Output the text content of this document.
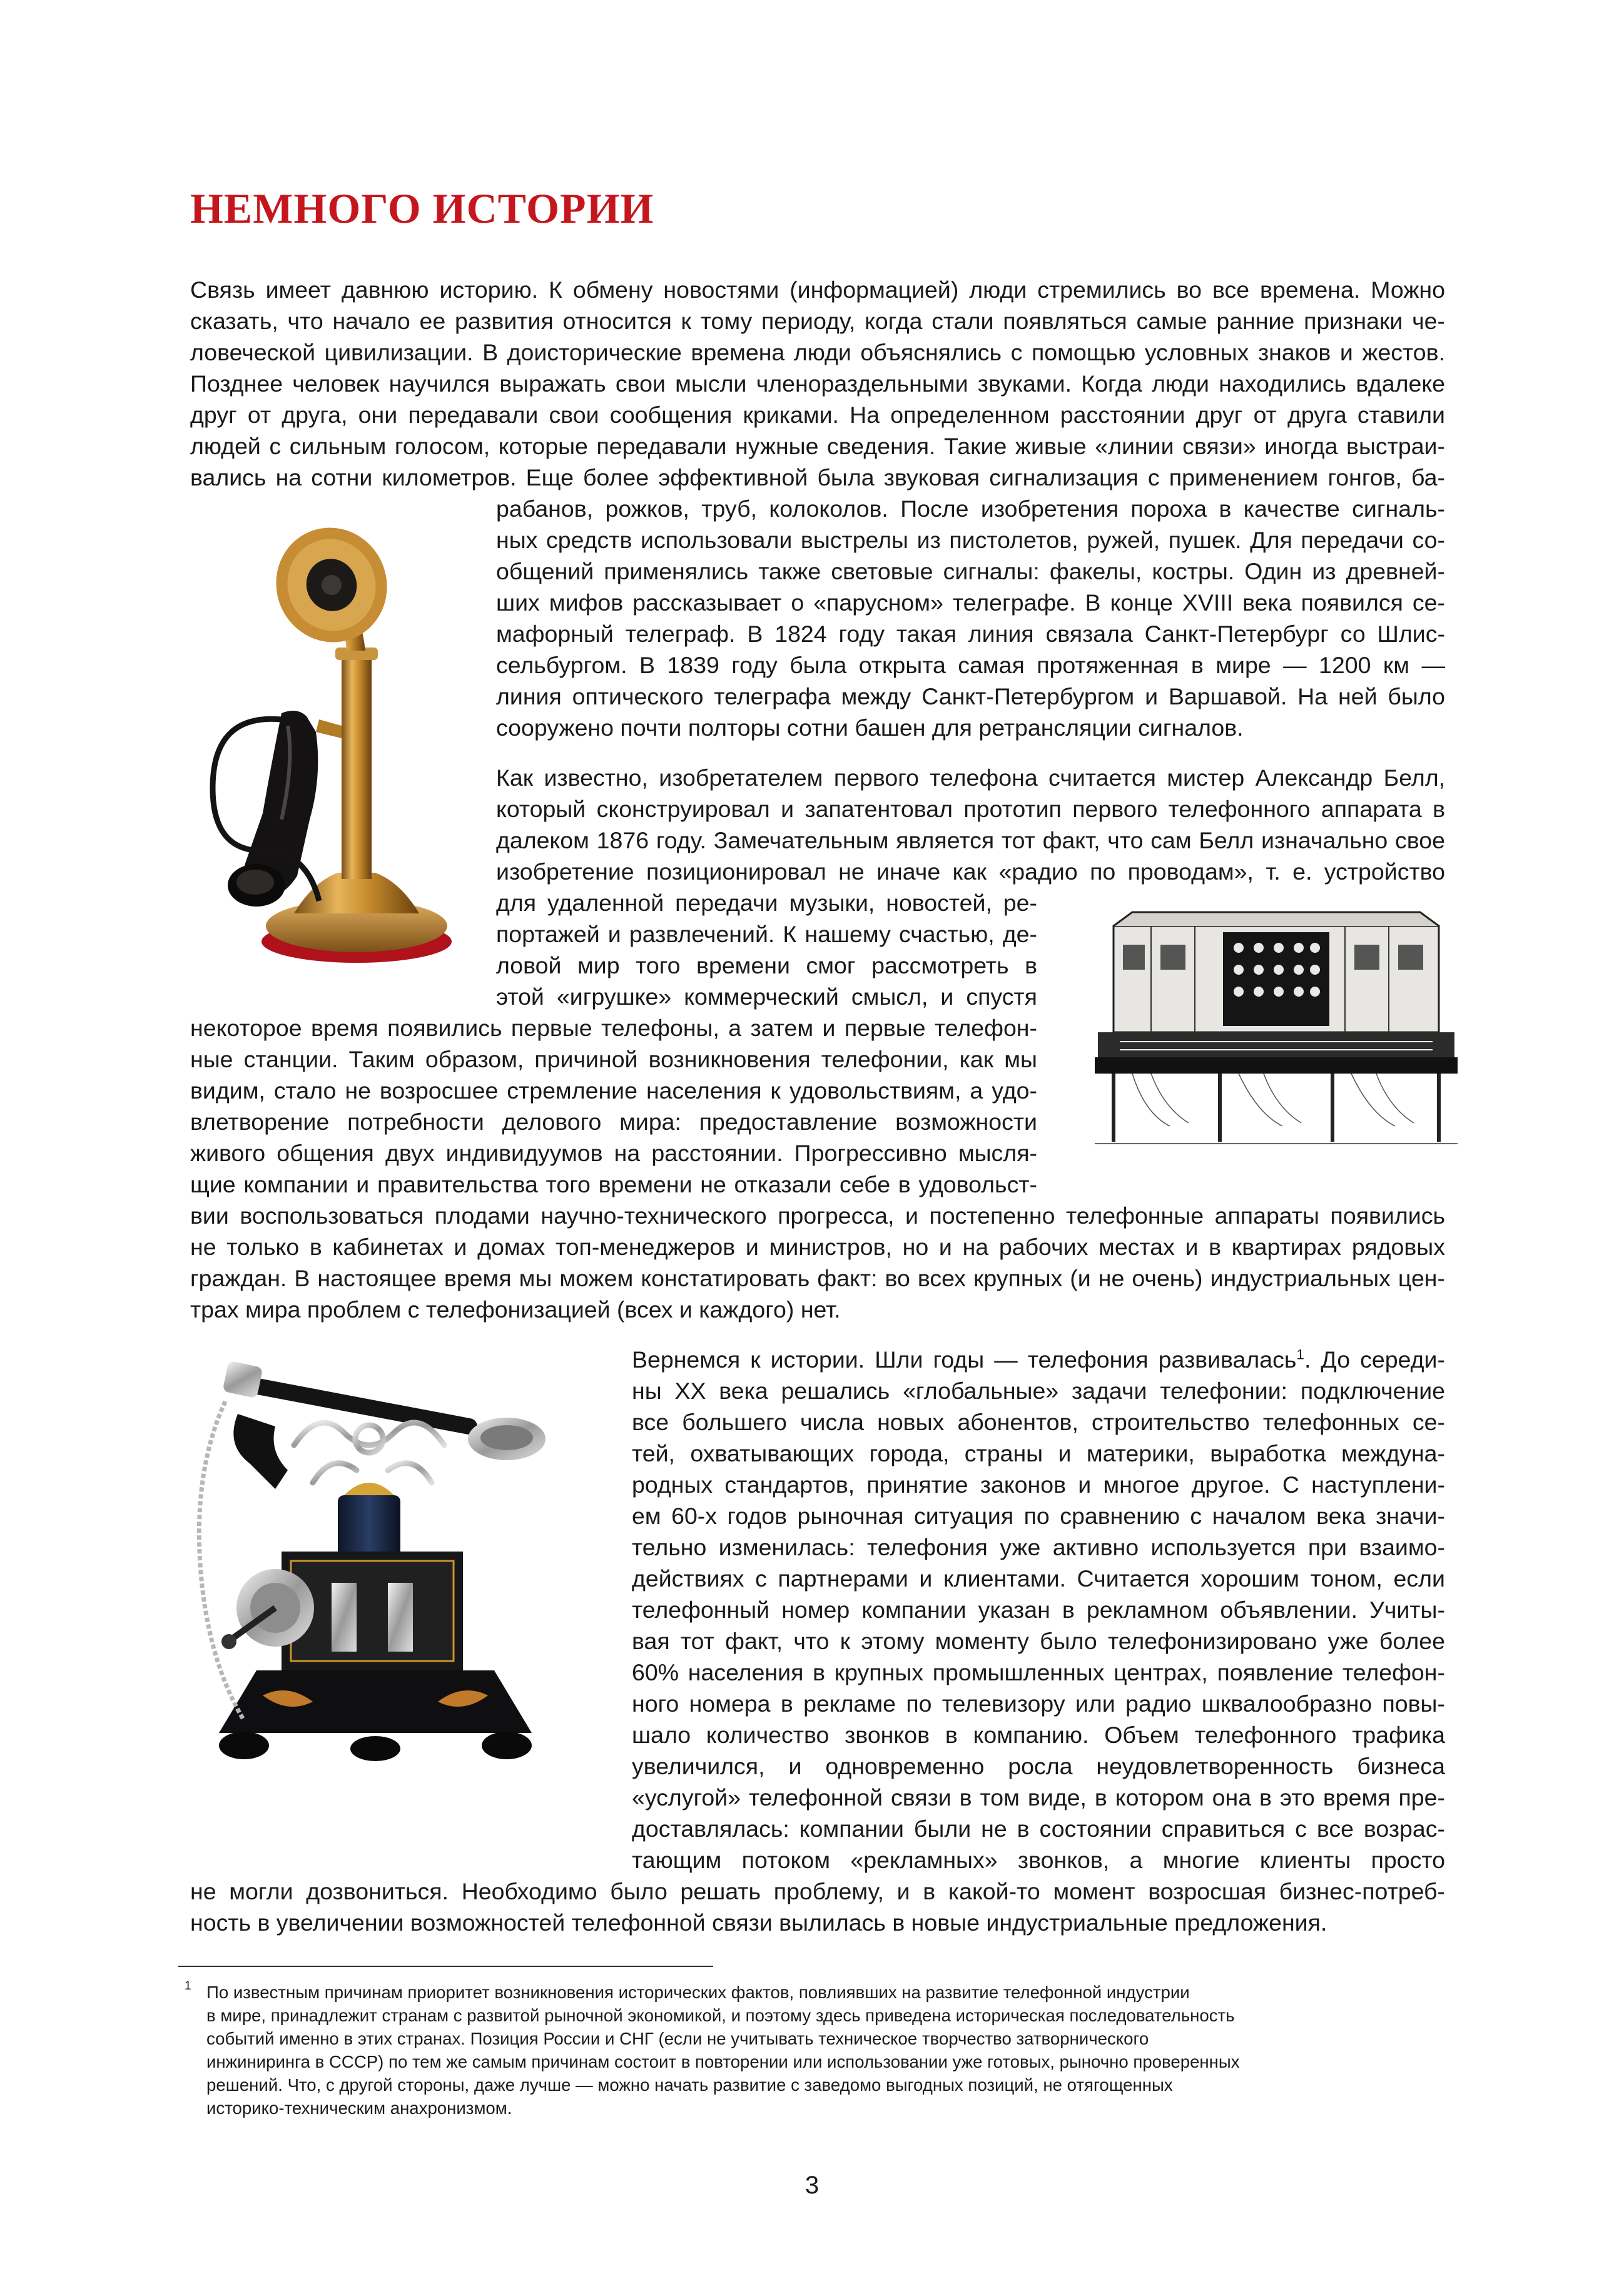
НЕМНОГО ИСТОРИИ
Связь имеет давнюю историю. К обмену новостями (информацией) люди стремились во все времена. Можно
сказать, что начало ее развития относится к тому периоду, когда стали появляться самые ранние признаки че-
ловеческой цивилизации. В доисторические времена люди объяснялись с помощью условных знаков и жестов.
Позднее человек научился выражать свои мысли членораздельными звуками. Когда люди находились вдалеке
друг от друга, они передавали свои сообщения криками. На определенном расстоянии друг от друга ставили
людей с сильным голосом, которые передавали нужные сведения. Такие живые «линии связи» иногда выстраи-
вались на сотни километров. Еще более эффективной была звуковая сигнализация с применением гонгов, ба-
рабанов, рожков, труб, колоколов. После изобретения пороха в качестве сигналь-
ных средств использовали выстрелы из пистолетов, ружей, пушек. Для передачи со-
общений применялись также световые сигналы: факелы, костры. Один из древней-
ших мифов рассказывает о «парусном» телеграфе. В конце XVIII века появился се-
мафорный телеграф. В 1824 году такая линия связала Санкт-Петербург со Шлис-
сельбургом. В 1839 году была открыта самая протяженная в мире — 1200 км —
линия оптического телеграфа между Санкт-Петербургом и Варшавой. На ней было
сооружено почти полторы сотни башен для ретрансляции сигналов.
Как известно, изобретателем первого телефона считается мистер Александр Белл,
который сконструировал и запатентовал прототип первого телефонного аппарата в
далеком 1876 году. Замечательным является тот факт, что сам Белл изначально свое
изобретение позиционировал не иначе как «радио по проводам», т. е. устройство
для удаленной передачи музыки, новостей, ре-
портажей и развлечений. К нашему счастью, де-
ловой мир того времени смог рассмотреть в
этой «игрушке» коммерческий смысл, и спустя
некоторое время появились первые телефоны, а затем и первые телефон-
ные станции. Таким образом, причиной возникновения телефонии, как мы
видим, стало не возросшее стремление населения к удовольствиям, а удо-
влетворение потребности делового мира: предоставление возможности
живого общения двух индивидуумов на расстоянии. Прогрессивно мысля-
щие компании и правительства того времени не отказали себе в удовольст-
вии воспользоваться плодами научно-технического прогресса, и постепенно телефонные аппараты появились
не только в кабинетах и домах топ-менеджеров и министров, но и на рабочих местах и в квартирах рядовых
граждан. В настоящее время мы можем констатировать факт: во всех крупных (и не очень) индустриальных цен-
трах мира проблем с телефонизацией (всех и каждого) нет.
Вернемся к истории. Шли годы — телефония развивалась$^1$. До середи-
ны XX века решались «глобальные» задачи телефонии: подключение
все большего числа новых абонентов, строительство телефонных се-
тей, охватывающих города, страны и материки, выработка междуна-
родных стандартов, принятие законов и многое другое. С наступлени-
ем 60-х годов рыночная ситуация по сравнению с началом века значи-
тельно изменилась: телефония уже активно используется при взаимо-
действиях с партнерами и клиентами. Считается хорошим тоном, если
телефонный номер компании указан в рекламном объявлении. Учиты-
вая тот факт, что к этому моменту было телефонизировано уже более
60% населения в крупных промышленных центрах, появление телефон-
ного номера в рекламе по телевизору или радио шквалообразно повы-
шало количество звонков в компанию. Объем телефонного трафика
увеличился, и одновременно росла неудовлетворенность бизнеса
«услугой» телефонной связи в том виде, в котором она в это время пре-
доставлялась: компании были не в состоянии справиться с все возрас-
тающим потоком «рекламных» звонков, а многие клиенты просто
не могли дозвониться. Необходимо было решать проблему, и в какой-то момент возросшая бизнес-потреб-
ность в увеличении возможностей телефонной связи вылилась в новые индустриальные предложения.
1 По известным причинам приоритет возникновения исторических фактов, повлиявших на развитие телефонной индустрии
в мире, принадлежит странам с развитой рыночной экономикой, и поэтому здесь приведена историческая последовательность
событий именно в этих странах. Позиция России и СНГ (если не учитывать техническое творчество затворнического
инжиниринга в СССР) по тем же самым причинам состоит в повторении или использовании уже готовых, рыночно проверенных
решений. Что, с другой стороны, даже лучше — можно начать развитие с заведомо выгодных позиций, не отягощенных
историко-техническим анахронизмом.
3
